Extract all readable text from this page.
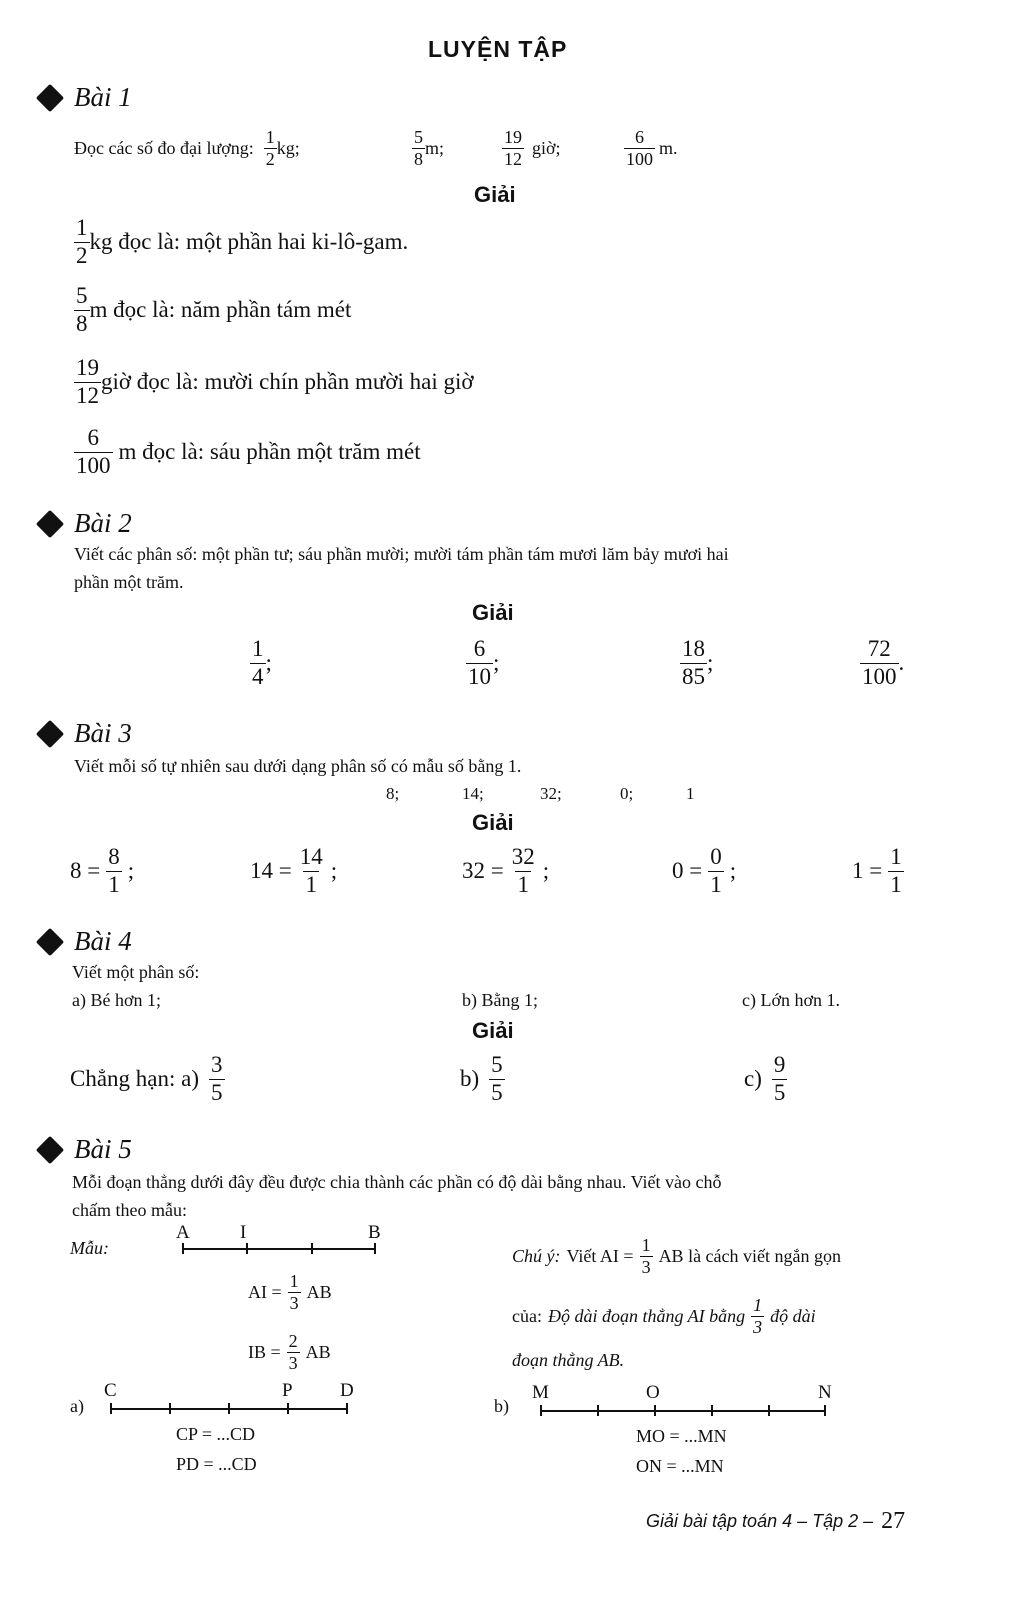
LUYỆN TẬP
Bài 1
Đọc các số đo đại lượng: $\frac{1}{2}$ kg;	$\frac{5}{8} m$;	$\frac{19}{12}$ giờ;	$\frac{6}{100} m$.
Giải
$\frac{1}{2}$ kg đọc là: một phần hai ki-lô-gam.
$\frac{5}{8}$ m đọc là: năm phần tám mét
$\frac{19}{12}$ giờ đọc là: mười chín phần mười hai giờ
$\frac{6}{100}$ m đọc là: sáu phần một trăm mét
Bài 2
Viết các phân số: một phần tư; sáu phần mười; mười tám phần tám mươi lăm bảy mươi hai
phần một trăm.
Giải
$\frac{1}{4}$ ;	$\frac{6}{10}$ ;	$\frac{18}{85}$ ;	$\frac{72}{100}$ .
Bài 3
Viết mỗi số tự nhiên sau dưới dạng phân số có mẫu số bằng 1.
8;	14;	32;	0;	1
Giải
$8 = \frac{8}{1}$ ;	$14 = \frac{14}{1}$ ;	$32 = \frac{32}{1}$ ;	$0 = \frac{0}{1}$ ;	$1 = \frac{1}{1}$
Bài 4
Viết một phân số:
a) Bé hơn 1;	b) Bằng 1;	c) Lớn hơn 1.
Giải
Chẳng hạn: $a) \frac{3}{5}$	$b) \frac{5}{5}$	$c) \frac{9}{5}$
Bài 5
Mỗi đoạn thẳng dưới đây đều được chia thành các phần có độ dài bằng nhau. Viết vào chỗ
chấm theo mẫu:
Mẫu:
A	I	B
AI = $\frac{1}{3}$ AB
IB = $\frac{2}{3}$ AB
Chú ý: Viết AI = $\frac{1}{3}$ AB là cách viết ngắn gọn
của: Độ dài đoạn thẳng AI bằng $\frac{1}{3}$ độ dài
đoạn thẳng AB.
a)
C	P D
CP = ...CD
PD = ...CD
b)
M	O	N
MO = ...MN
ON = ...MN
Giải bài tập toán 4 – Tập 2 – 27
